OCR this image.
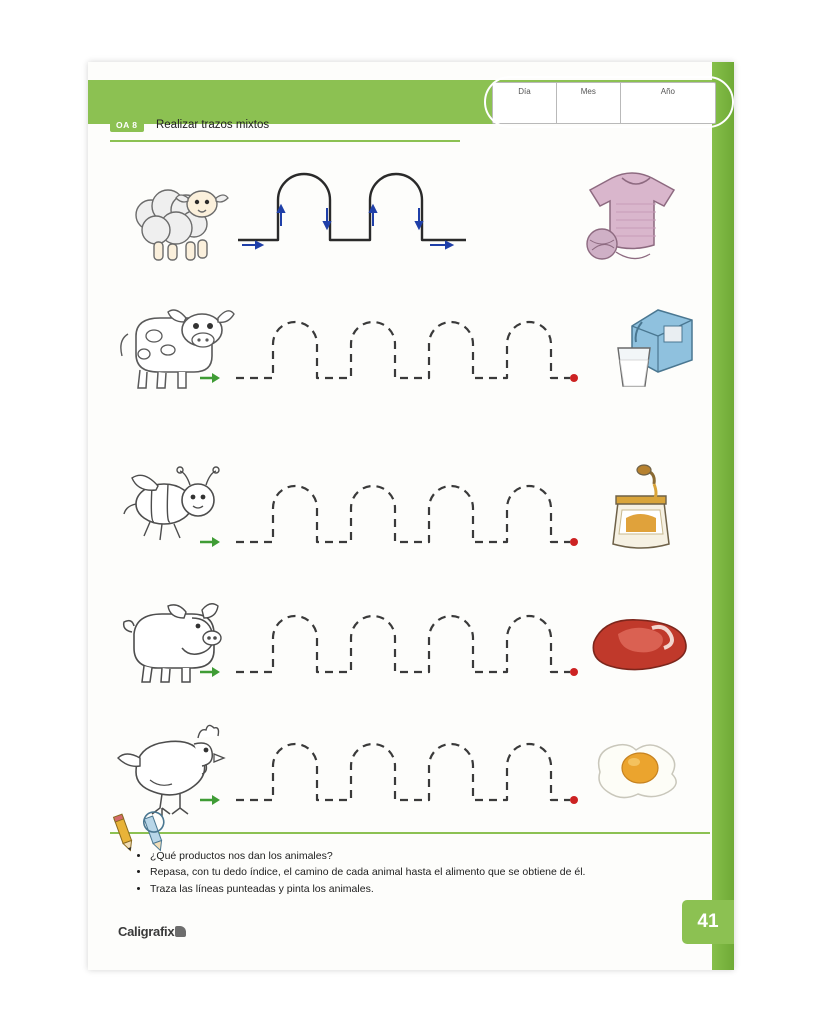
Día	Mes	Año
OA 8 Realizar trazos mixtos
• ¿Qué productos nos dan los animales?
• Repasa, con tu dedo índice, el camino de cada animal hasta el alimento que se obtiene de él.
• Traza las líneas punteadas y pinta los animales.
Caligrafix	41
